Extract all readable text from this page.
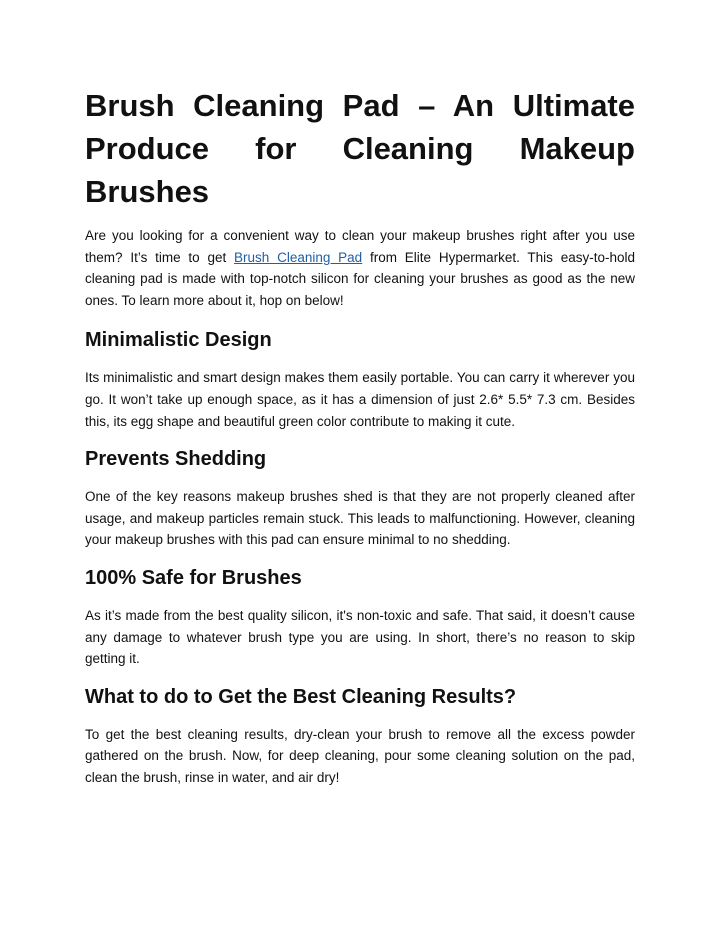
Brush Cleaning Pad – An Ultimate Produce for Cleaning Makeup Brushes

Are you looking for a convenient way to clean your makeup brushes right after you use them? It’s time to get Brush Cleaning Pad from Elite Hypermarket. This easy-to-hold cleaning pad is made with top-notch silicon for cleaning your brushes as good as the new ones. To learn more about it, hop on below!

Minimalistic Design

Its minimalistic and smart design makes them easily portable. You can carry it wherever you go. It won’t take up enough space, as it has a dimension of just 2.6* 5.5* 7.3 cm. Besides this, its egg shape and beautiful green color contribute to making it cute.

Prevents Shedding

One of the key reasons makeup brushes shed is that they are not properly cleaned after usage, and makeup particles remain stuck. This leads to malfunctioning. However, cleaning your makeup brushes with this pad can ensure minimal to no shedding.

100% Safe for Brushes

As it’s made from the best quality silicon, it's non-toxic and safe. That said, it doesn’t cause any damage to whatever brush type you are using. In short, there’s no reason to skip getting it.

What to do to Get the Best Cleaning Results?

To get the best cleaning results, dry-clean your brush to remove all the excess powder gathered on the brush. Now, for deep cleaning, pour some cleaning solution on the pad, clean the brush, rinse in water, and air dry!
